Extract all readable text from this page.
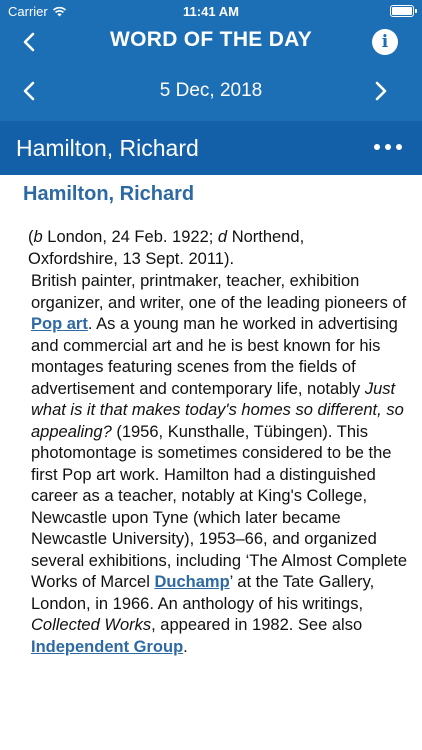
Carrier	11:41 AM
WORD OF THE DAY	i
5 Dec, 2018
Hamilton, Richard
Hamilton, Richard
(b London, 24 Feb. 1922; d Northend, Oxfordshire, 13 Sept. 2011).
British painter, printmaker, teacher, exhibition organizer, and writer, one of the leading pioneers of Pop art. As a young man he worked in advertising and commercial art and he is best known for his montages featuring scenes from the fields of advertisement and contemporary life, notably Just what is it that makes today's homes so different, so appealing? (1956, Kunsthalle, Tübingen). This photomontage is sometimes considered to be the first Pop art work. Hamilton had a distinguished career as a teacher, notably at King's College, Newcastle upon Tyne (which later became Newcastle University), 1953–66, and organized several exhibitions, including ‘The Almost Complete Works of Marcel Duchamp’ at the Tate Gallery, London, in 1966. An anthology of his writings, Collected Works, appeared in 1982. See also Independent Group.
